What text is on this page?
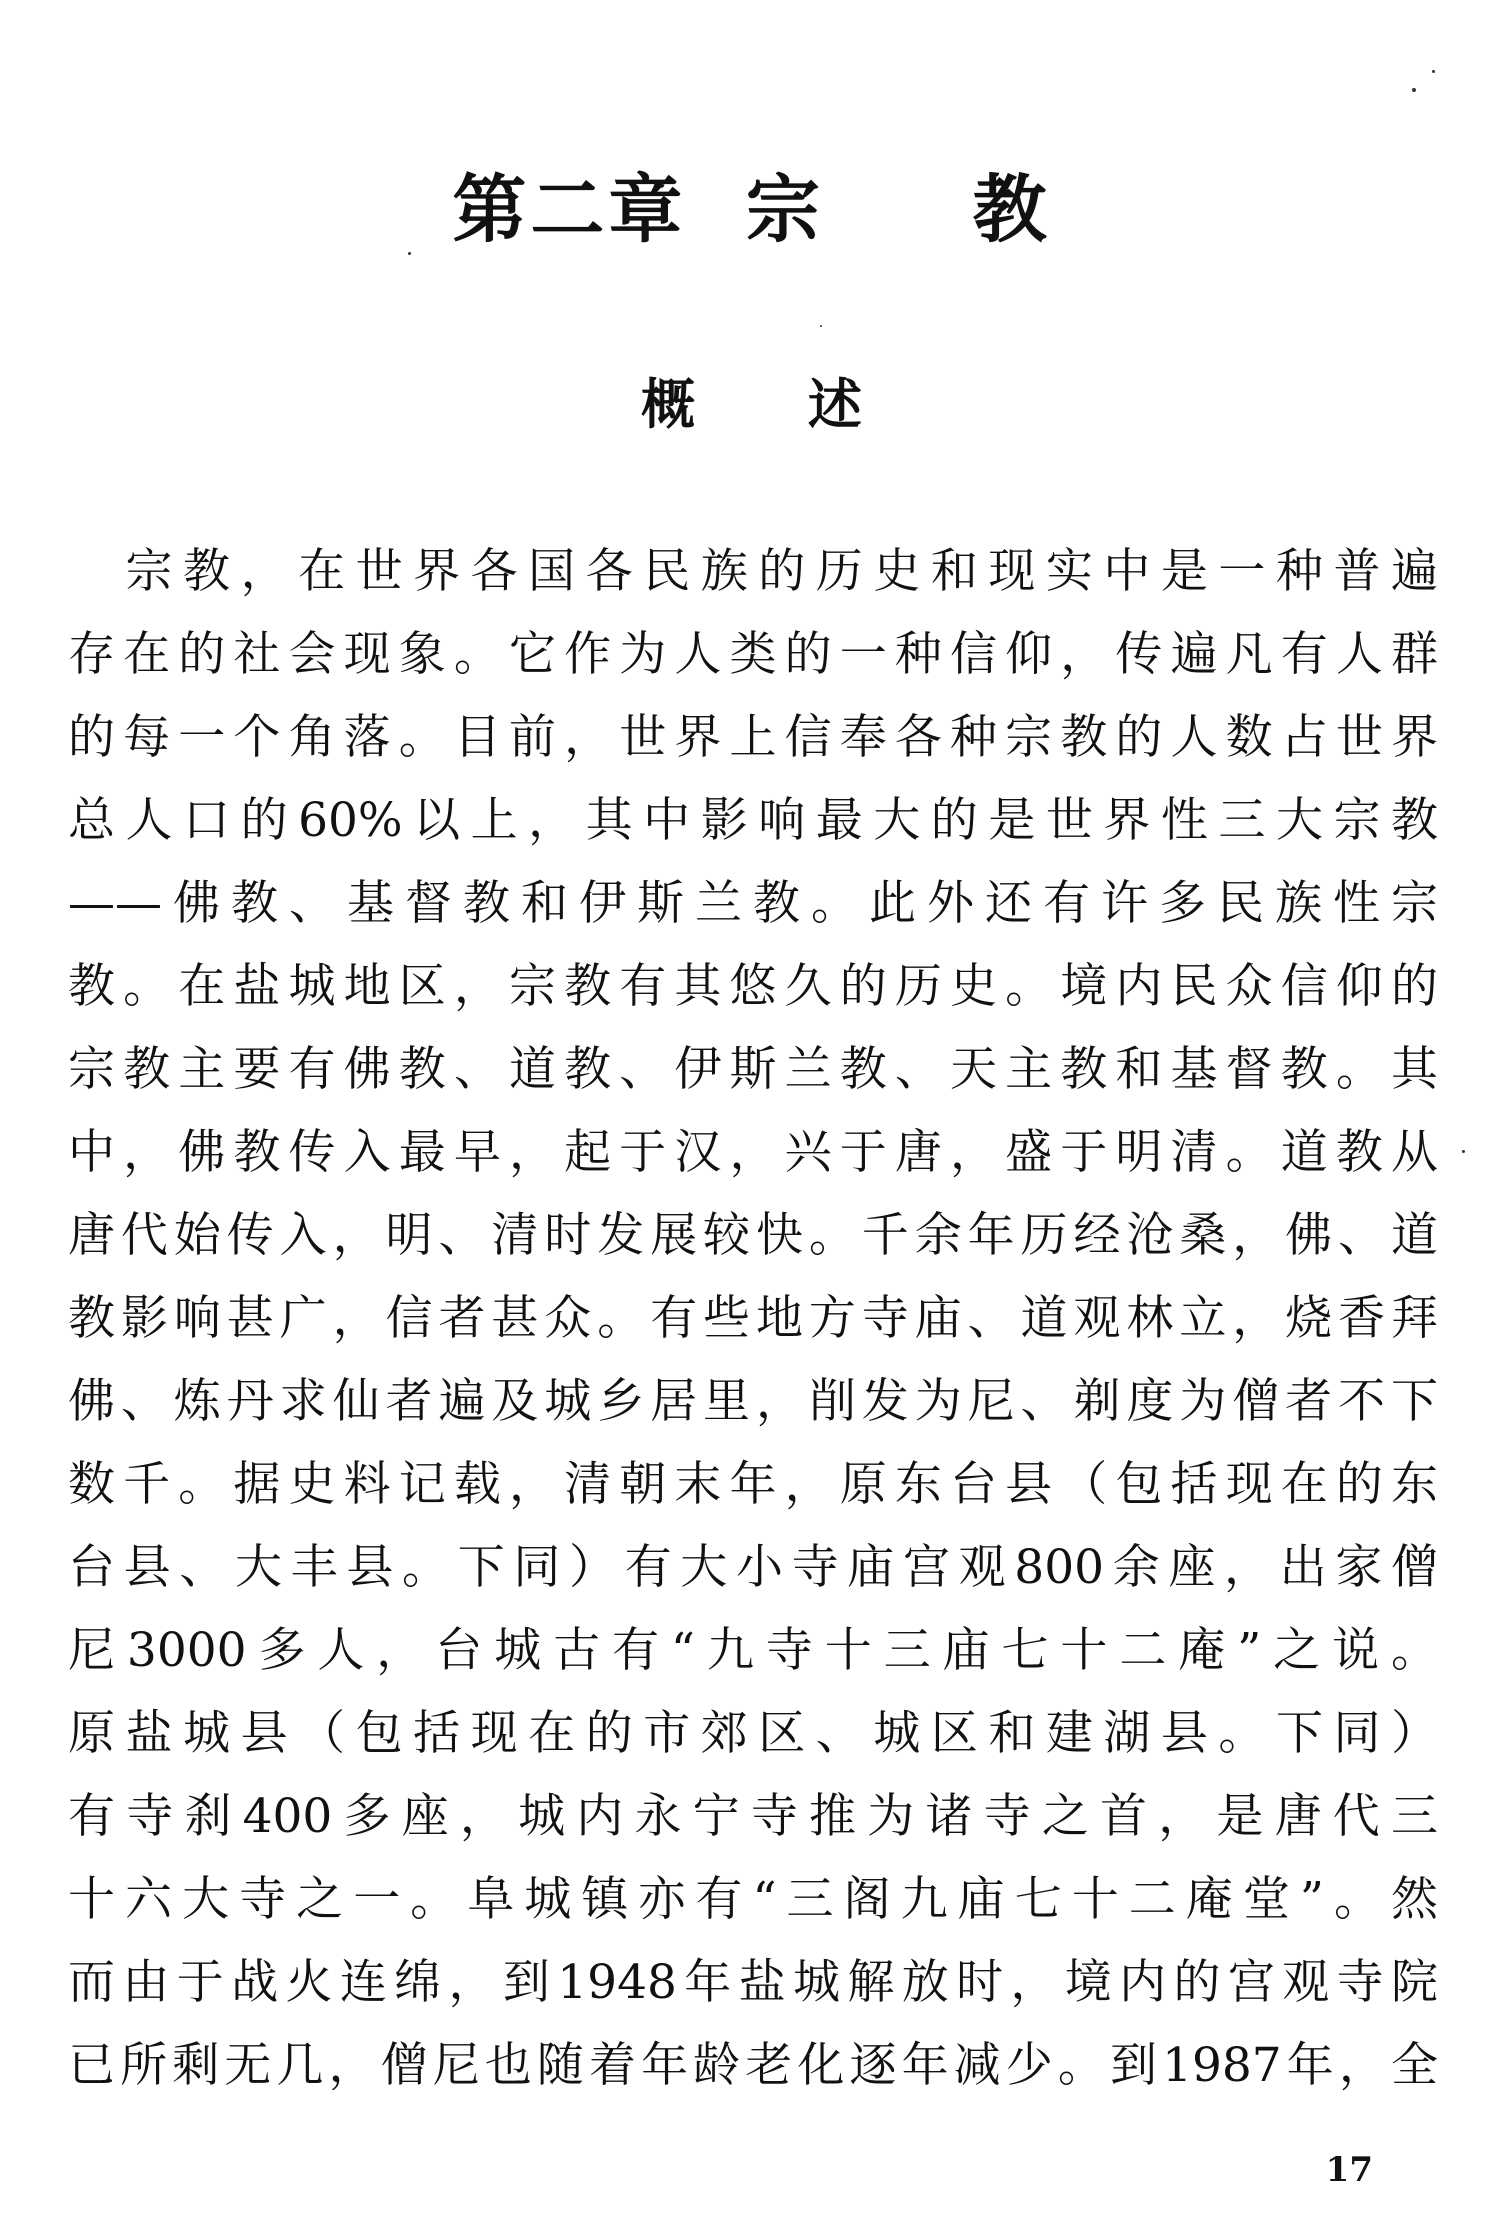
第二章  宗     教
概      述
　宗教，在世界各国各民族的历史和现实中是一种普遍
存在的社会现象。它作为人类的一种信仰，传遍凡有人群
的每一个角落。目前，世界上信奉各种宗教的人数占世界
总人口的60%以上，其中影响最大的是世界性三大宗教
——佛教、基督教和伊斯兰教。此外还有许多民族性宗
教。在盐城地区，宗教有其悠久的历史。境内民众信仰的
宗教主要有佛教、道教、伊斯兰教、天主教和基督教。其
中，佛教传入最早，起于汉，兴于唐，盛于明清。道教从
唐代始传入，明、清时发展较快。千余年历经沧桑，佛、道
教影响甚广，信者甚众。有些地方寺庙、道观林立，烧香拜
佛、炼丹求仙者遍及城乡居里，削发为尼、剃度为僧者不下
数千。据史料记载，清朝末年，原东台县（包括现在的东
台县、大丰县。下同）有大小寺庙宫观800余座，出家僧
尼3000多人，台城古有“九寺十三庙七十二庵”之说。
原盐城县（包括现在的市郊区、城区和建湖县。下同）
有寺刹400多座，城内永宁寺推为诸寺之首，是唐代三
十六大寺之一。阜城镇亦有“三阁九庙七十二庵堂”。然
而由于战火连绵，到1948年盐城解放时，境内的宫观寺院
已所剩无几，僧尼也随着年龄老化逐年减少。到1987年，全
17
